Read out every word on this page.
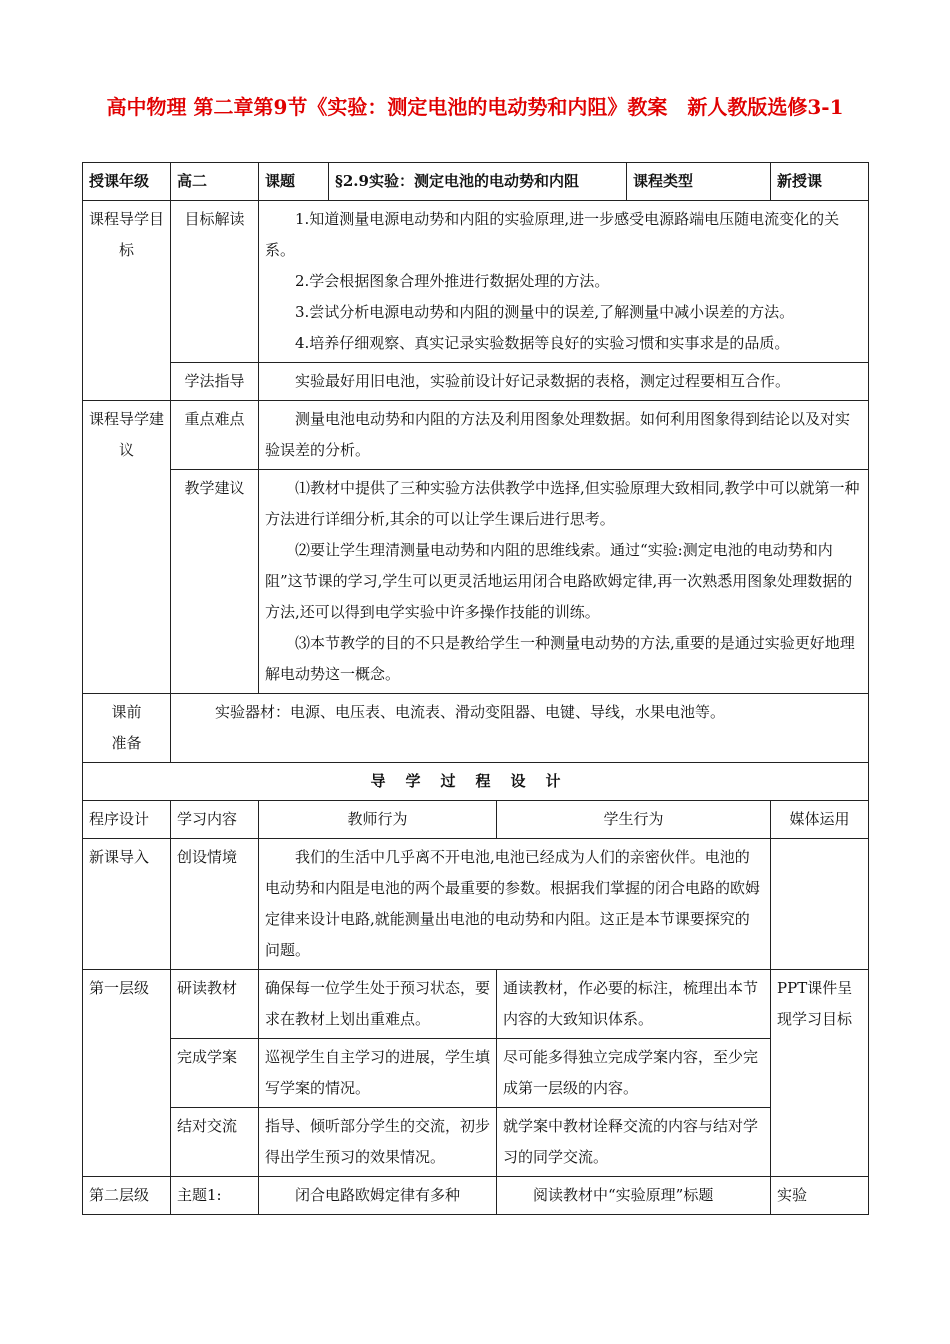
高中物理 第二章第9节《实验：测定电池的电动势和内阻》教案　新人教版选修3-1
授课年级	高二	课题	§2.9实验：测定电池的电动势和内阻		课程类型	新授课
课程导学目标	目标解读	1.知道测量电源电动势和内阻的实验原理,进一步感受电源路端电压随电流变化的关系。

2.学会根据图象合理外推进行数据处理的方法。

3.尝试分析电源电动势和内阻的测量中的误差,了解测量中减小误差的方法。

4.培养仔细观察、真实记录实验数据等良好的实验习惯和实事求是的品质。				

	学法指导	实验最好用旧电池，实验前设计好记录数据的表格，测定过程要相互合作。				

课程导学建议	重点难点	测量电池电动势和内阻的方法及利用图象处理数据。如何利用图象得到结论以及对实验误差的分析。				

	教学建议	⑴教材中提供了三种实验方法供教学中选择,但实验原理大致相同,教学中可以就第一种方法进行详细分析,其余的可以让学生课后进行思考。

⑵要让学生理清测量电动势和内阻的思维线索。通过“实验:测定电池的电动势和内阻”这节课的学习,学生可以更灵活地运用闭合电路欧姆定律,再一次熟悉用图象处理数据的方法,还可以得到电学实验中许多操作技能的训练。

⑶本节教学的目的不只是教给学生一种测量电动势的方法,重要的是通过实验更好地理解电动势这一概念。				

课前准备	实验器材：电源、电压表、电流表、滑动变阻器、电键、导线，水果电池等。					

导学过程设计						
程序设计	学习内容	教师行为		学生行为		媒体运用
新课导入	创设情境	我们的生活中几乎离不开电池,电池已经成为人们的亲密伙伴。电池的电动势和内阻是电池的两个最重要的参数。根据我们掌握的闭合电路的欧姆定律来设计电路,就能测量出电池的电动势和内阻。这正是本节课要探究的问题。				

第一层级	研读教材	确保每一位学生处于预习状态，要求在教材上划出重难点。		通读教材，作必要的标注，梳理出本节内容的大致知识体系。		PPT课件呈现学习目标
	完成学案	巡视学生自主学习的进展，学生填写学案的情况。		尽可能多得独立完成学案内容，至少完成第一层级的内容。		
	结对交流	指导、倾听部分学生的交流，初步得出学生预习的效果情况。		就学案中教材诠释交流的内容与结对学习的同学交流。		
第二层级	主题1:	闭合电路欧姆定律有多种		阅读教材中“实验原理”标题		实验
